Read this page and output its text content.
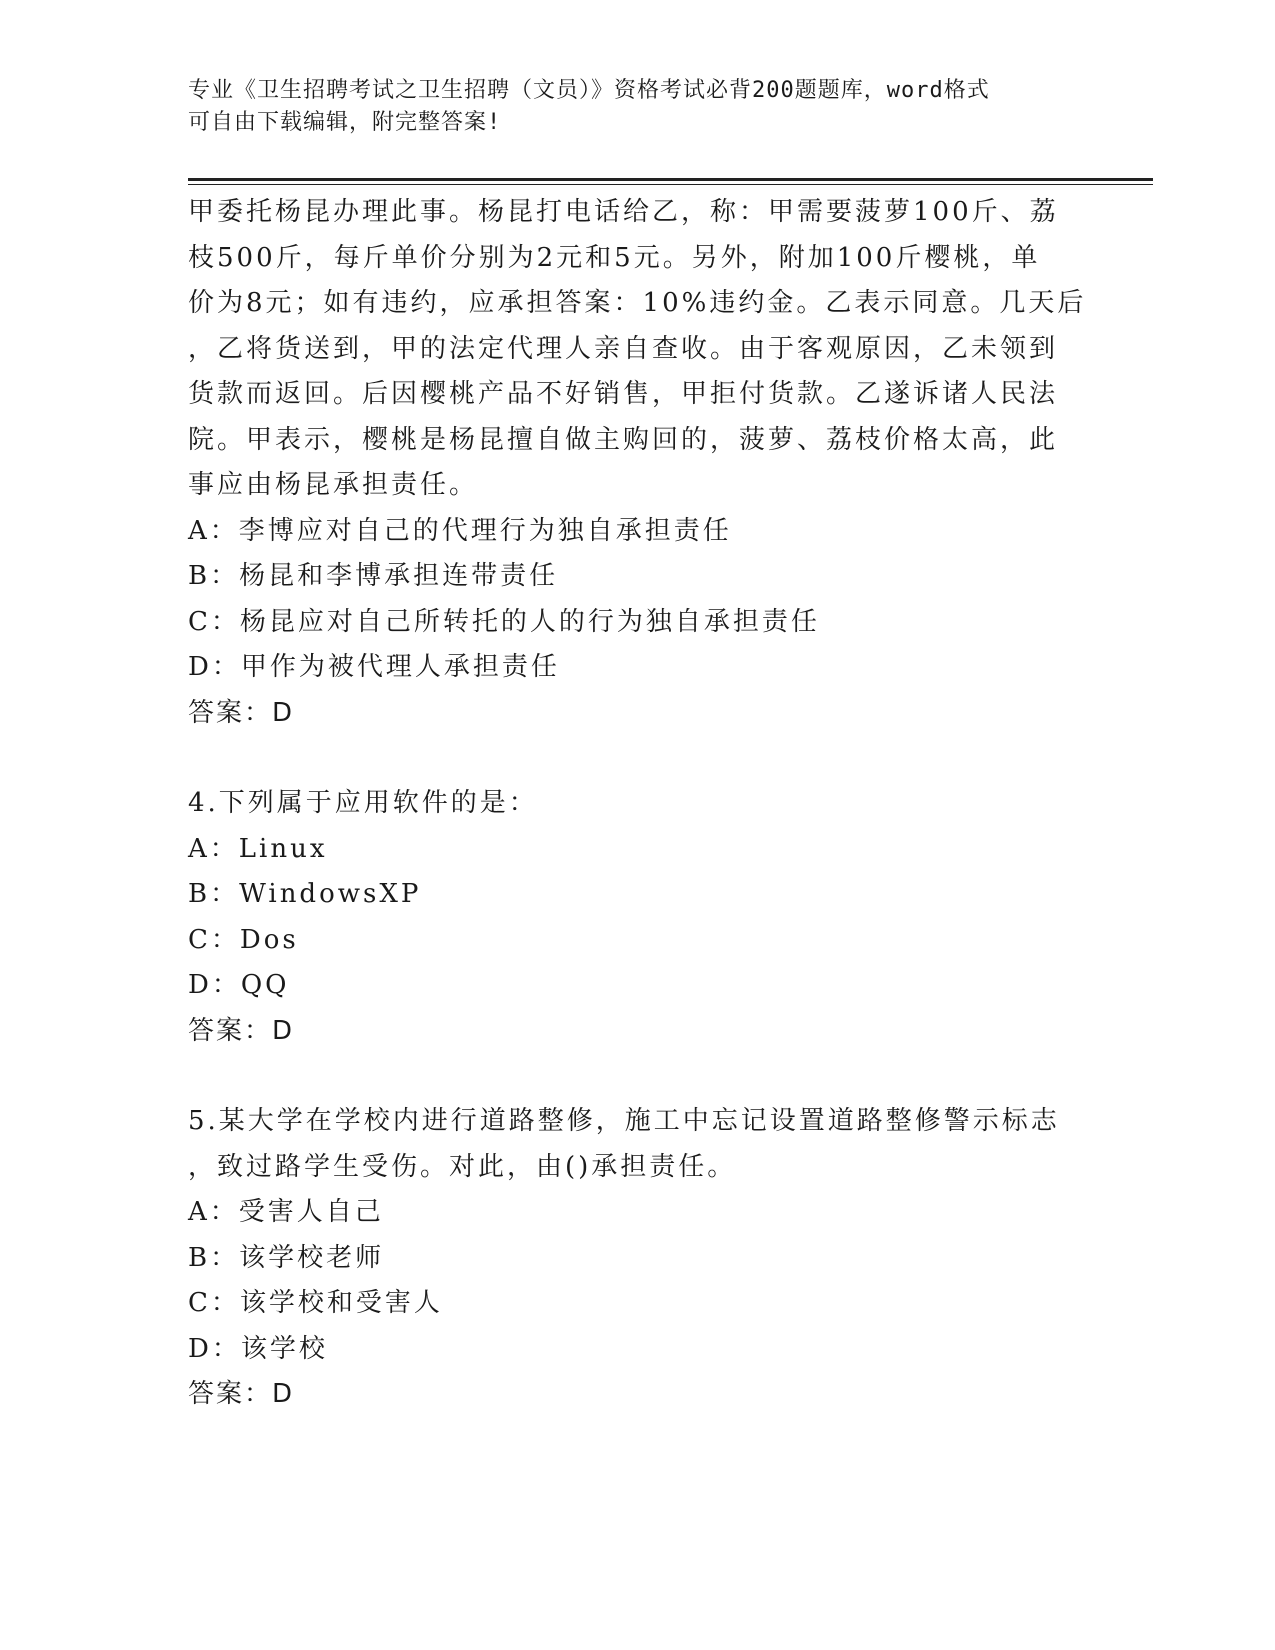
专业《卫生招聘考试之卫生招聘（文员）》资格考试必背200题题库，word格式
可自由下载编辑，附完整答案!
甲委托杨昆办理此事。杨昆打电话给乙，称：甲需要菠萝100斤、荔
枝500斤，每斤单价分别为2元和5元。另外，附加100斤樱桃，单
价为8元；如有违约，应承担答案：10%违约金。乙表示同意。几天后
，乙将货送到，甲的法定代理人亲自查收。由于客观原因，乙未领到
货款而返回。后因樱桃产品不好销售，甲拒付货款。乙遂诉诸人民法
院。甲表示，樱桃是杨昆擅自做主购回的，菠萝、荔枝价格太高，此
事应由杨昆承担责任。
A：李博应对自己的代理行为独自承担责任
B：杨昆和李博承担连带责任
C：杨昆应对自己所转托的人的行为独自承担责任
D：甲作为被代理人承担责任
答案：D
4.下列属于应用软件的是：
A：Linux
B：WindowsXP
C：Dos
D：QQ
答案：D
5.某大学在学校内进行道路整修，施工中忘记设置道路整修警示标志
，致过路学生受伤。对此，由()承担责任。
A：受害人自己
B：该学校老师
C：该学校和受害人
D：该学校
答案：D
